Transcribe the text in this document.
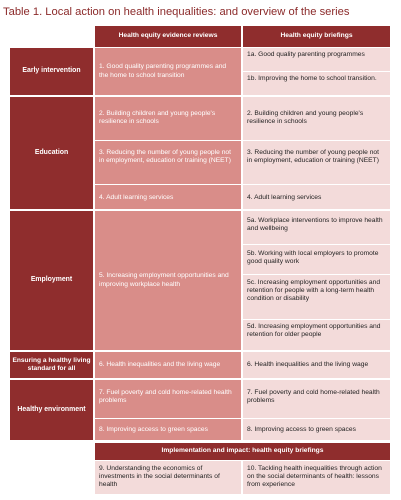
Table 1. Local action on health inequalities: and overview of the series
Health equity evidence reviews	Health equity briefings
Early intervention
1. Good quality parenting programmes and the home to school transition
1a. Good quality parenting programmes
1b. Improving the home to school transition.
Education
2. Building children and young people's resilience in schools
3. Reducing the number of young people not in employment, education or training (NEET)
4. Adult learning services
2. Building children and young people's resilience in schools
3. Reducing the number of young people not in employment, education or training (NEET)
4. Adult learning services
Employment
5. Increasing employment opportunities and improving workplace health
5a. Workplace interventions to improve health and wellbeing
5b. Working with local employers to promote good quality work
5c. Increasing employment opportunities and retention for people with a long-term health condition or disability
5d. Increasing employment opportunities and retention for older people
Ensuring a healthy living standard for all
6. Health inequalities and the living wage	6. Health inequalities and the living wage
Healthy environment
7. Fuel poverty and cold home-related health problems
8. Improving access to green spaces
7. Fuel poverty and cold home-related health problems
8. Improving access to green spaces
Implementation and impact: health equity briefings
9. Understanding the economics of investments in the social determinants of health
10. Tackling health inequalities through action on the social determinants of health: lessons from experience
